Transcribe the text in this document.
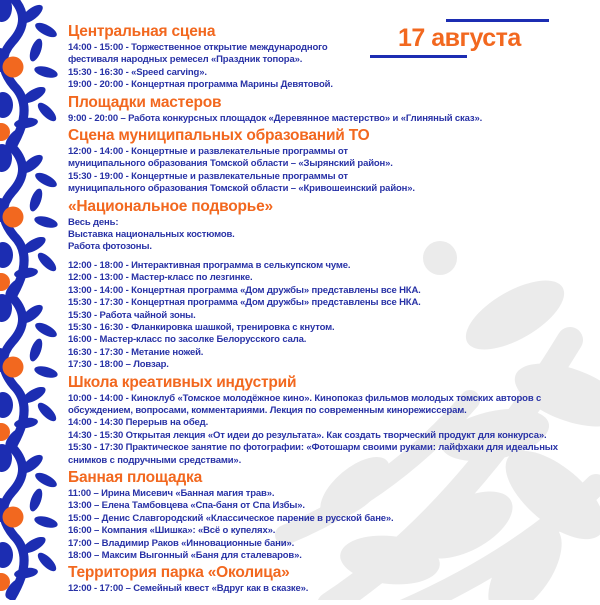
17 августа
Центральная сцена
14:00 - 15:00 - Торжественное открытие международного
фестиваля народных ремесел «Праздник топора».
15:30 - 16:30 - «Speed carving».
19:00 - 20:00 - Концертная программа Марины Девятовой.
Площадки мастеров
9:00 - 20:00 – Работа конкурсных площадок «Деревянное мастерство» и «Глиняный сказ».
Сцена муниципальных образований ТО
12:00 - 14:00 - Концертные и развлекательные программы от
муниципального образования Томской области – «Зырянский район».
15:30 - 19:00 - Концертные и развлекательные программы от
муниципального образования Томской области – «Кривошеинский район».
«Национальное подворье»
Весь день:
Выставка национальных костюмов.
Работа фотозоны.
12:00 - 18:00 - Интерактивная программа в селькупском чуме.
12:00 - 13:00 - Мастер-класс по лезгинке.
13:00 - 14:00 - Концертная программа «Дом дружбы» представлены все НКА.
15:30 - 17:30 - Концертная программа «Дом дружбы» представлены все НКА.
15:30 - Работа чайной зоны.
15:30 - 16:30 - Фланкировка шашкой, тренировка с кнутом.
16:00 - Мастер-класс по засолке Белорусского сала.
16:30 - 17:30 - Метание ножей.
17:30 - 18:00 – Ловзар.
Школа креативных индустрий
10:00 - 14:00 - Киноклуб «Томское молодёжное кино». Кинопоказ фильмов молодых томских авторов с
обсуждением, вопросами, комментариями. Лекция по современным кинорежиссерам.
14:00 - 14:30 Перерыв на обед.
14:30 - 15:30 Открытая лекция «От идеи до результата». Как создать творческий продукт для конкурса».
15:30 - 17:30 Практическое занятие по фотографии: «Фотошарм своими руками: лайфхаки для идеальных
снимков с подручными средствами».
Банная площадка
11:00 – Ирина Мисевич «Банная магия трав».
13:00 – Елена Тамбовцева «Спа-баня от Спа Избы».
15:00 – Денис Славгородский «Классическое парение в русской бане».
16:00 – Компания «Шишка»: «Всё о купелях».
17:00 – Владимир Раков «Инновационные бани».
18:00 – Максим Выгонный «Баня для сталеваров».
Территория парка «Околица»
12:00 - 17:00 – Семейный квест «Вдруг как в сказке».
